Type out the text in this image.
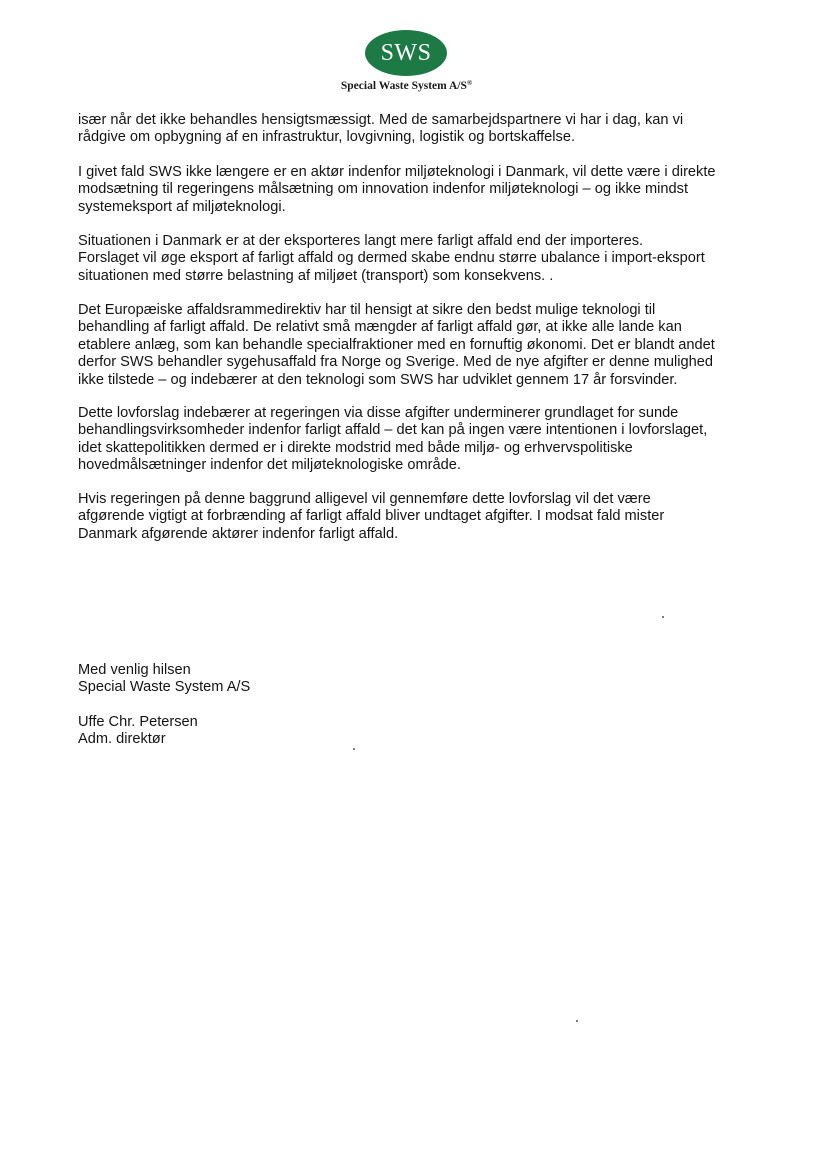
SWS
Special Waste System A/S®

især når det ikke behandles hensigtsmæssigt. Med de samarbejdspartnere vi har i dag, kan vi
rådgive om opbygning af en infrastruktur, lovgivning, logistik og bortskaffelse.

I givet fald SWS ikke længere er en aktør indenfor miljøteknologi i Danmark, vil dette være i direkte
modsætning til regeringens målsætning om innovation indenfor miljøteknologi – og ikke mindst
systemeksport af miljøteknologi.

Situationen i Danmark er at der eksporteres langt mere farligt affald end der importeres.
Forslaget vil øge eksport af farligt affald og dermed skabe endnu større ubalance i import-eksport
situationen med større belastning af miljøet (transport) som konsekvens. .

Det Europæiske affaldsrammedirektiv har til hensigt at sikre den bedst mulige teknologi til
behandling af farligt affald. De relativt små mængder af farligt affald gør, at ikke alle lande kan
etablere anlæg, som kan behandle specialfraktioner med en fornuftig økonomi. Det er blandt andet
derfor SWS behandler sygehusaffald fra Norge og Sverige. Med de nye afgifter er denne mulighed
ikke tilstede – og indebærer at den teknologi som SWS har udviklet gennem 17 år forsvinder.

Dette lovforslag indebærer at regeringen via disse afgifter underminerer grundlaget for sunde
behandlingsvirksomheder indenfor farligt affald – det kan på ingen være intentionen i lovforslaget,
idet skattepolitikken dermed er i direkte modstrid med både miljø- og erhvervspolitiske
hovedmålsætninger indenfor det miljøteknologiske område.

Hvis regeringen på denne baggrund alligevel vil gennemføre dette lovforslag vil det være
afgørende vigtigt at forbrænding af farligt affald bliver undtaget afgifter. I modsat fald mister
Danmark afgørende aktører indenfor farligt affald.

Med venlig hilsen
Special Waste System A/S

Uffe Chr. Petersen
Adm. direktør
